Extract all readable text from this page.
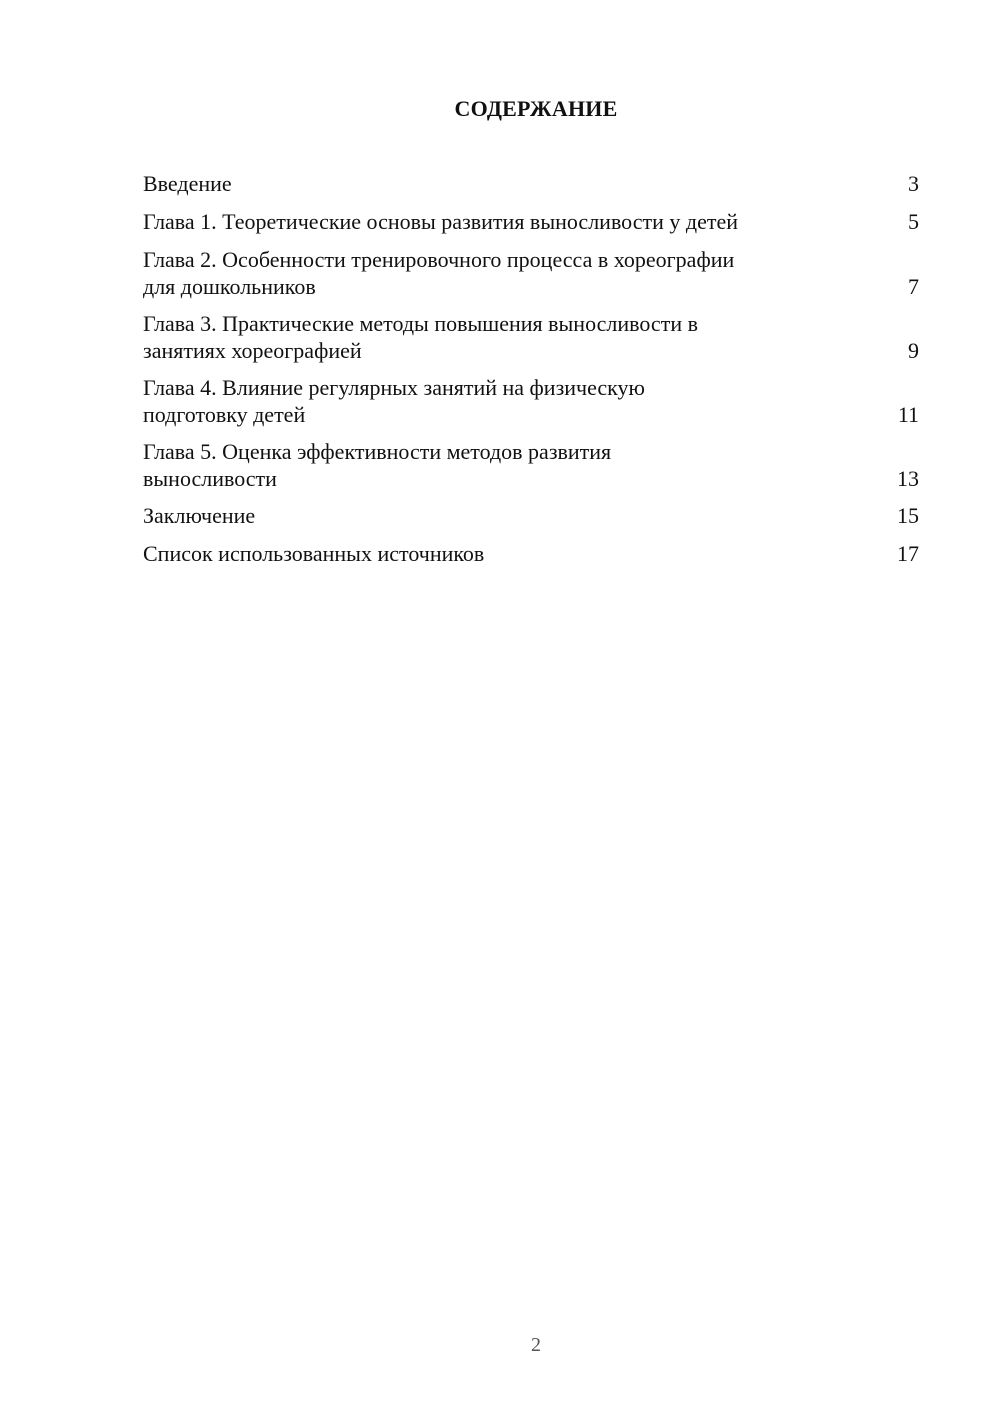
СОДЕРЖАНИЕ
Введение	3
Глава 1. Теоретические основы развития выносливости у детей	5
Глава 2. Особенности тренировочного процесса в хореографии
для дошкольников	7
Глава 3. Практические методы повышения выносливости в
занятиях хореографией	9
Глава 4. Влияние регулярных занятий на физическую
подготовку детей	11
Глава 5. Оценка эффективности методов развития
выносливости	13
Заключение	15
Список использованных источников	17
2
